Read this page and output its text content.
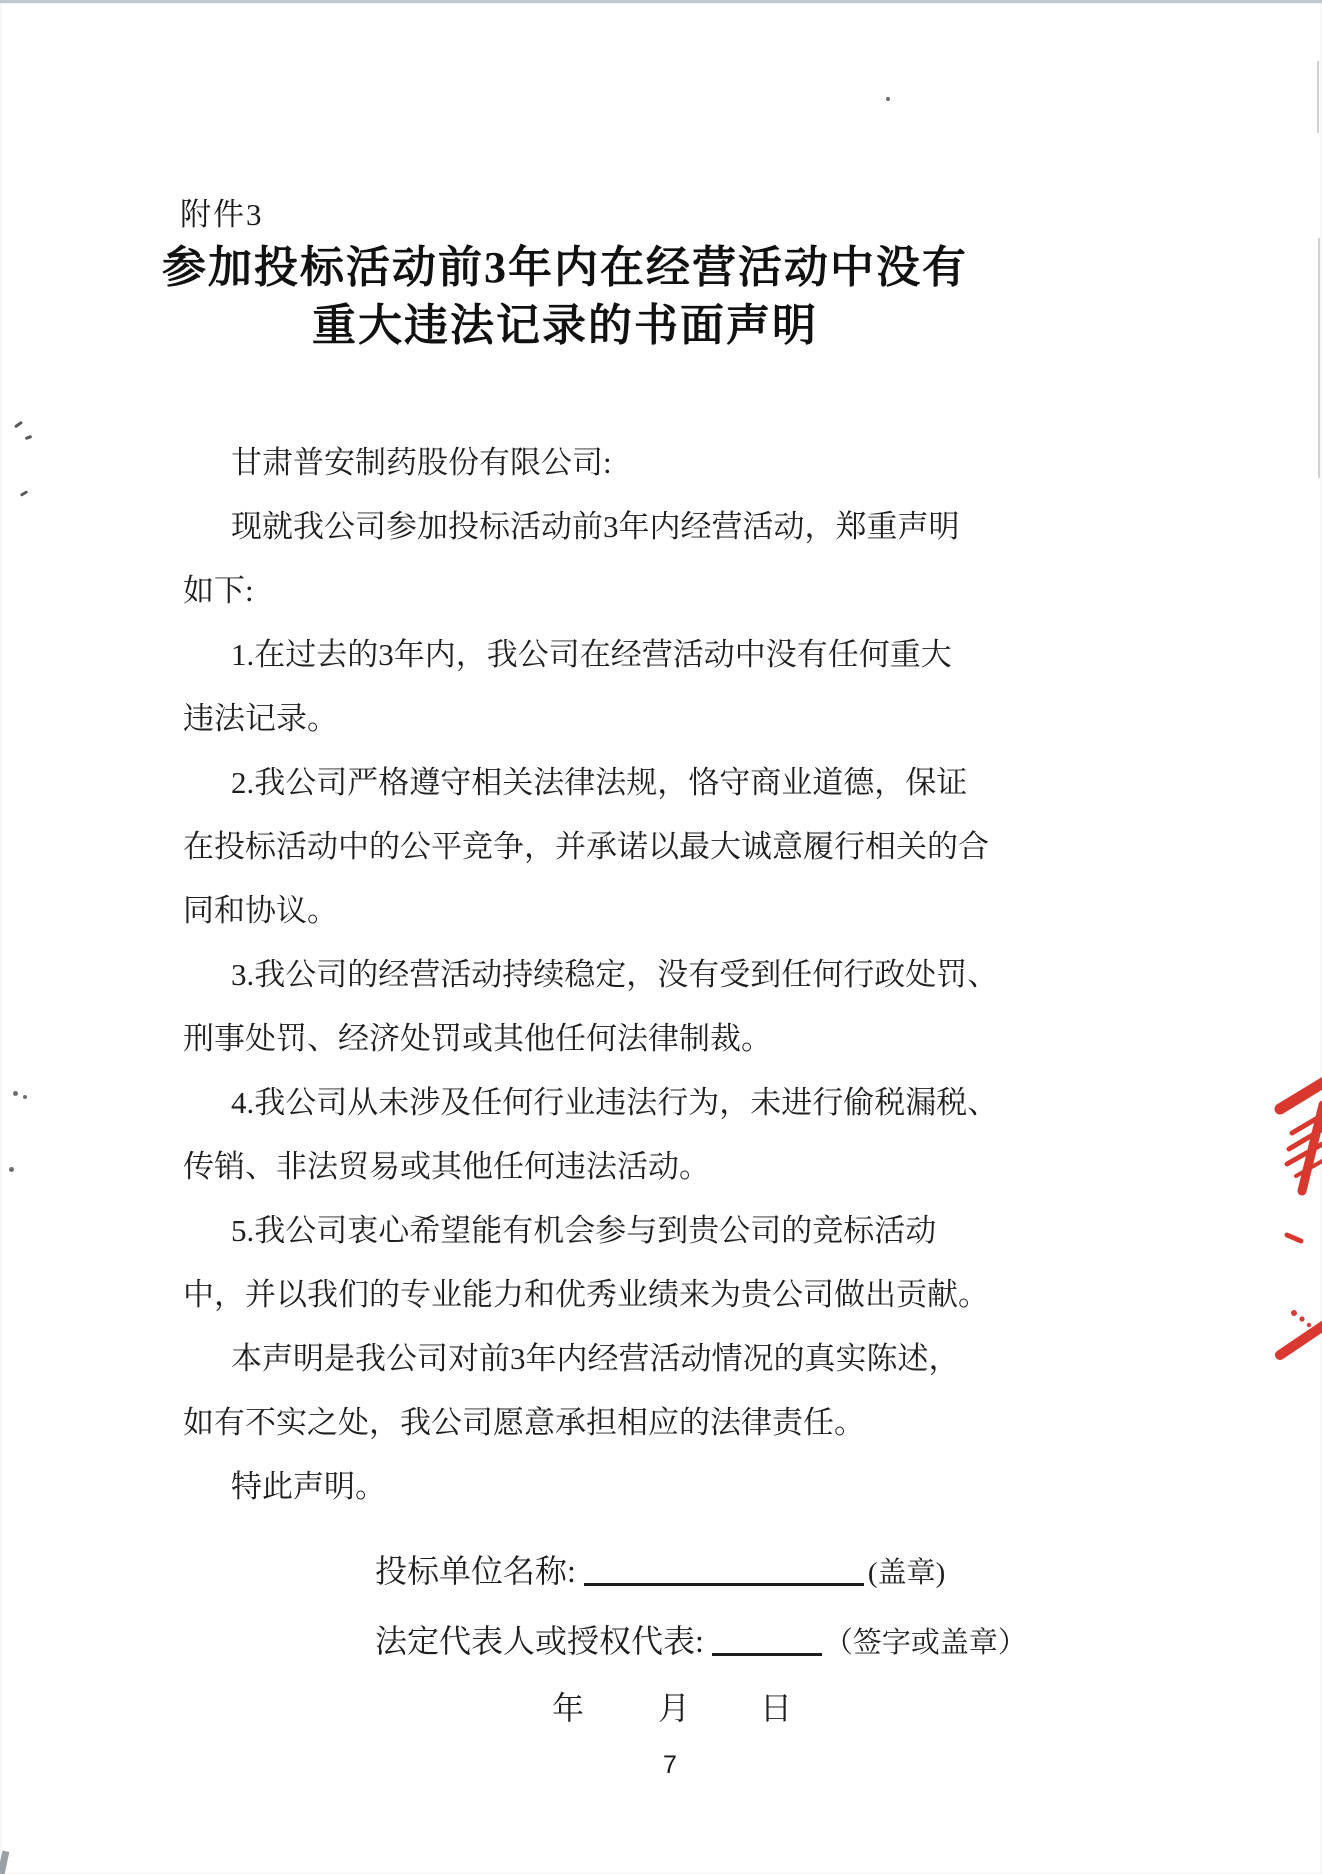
附件3
参加投标活动前3年内在经营活动中没有
重大违法记录的书面声明
甘肃普安制药股份有限公司:
现就我公司参加投标活动前3年内经营活动，郑重声明
如下:
1.在过去的3年内，我公司在经营活动中没有任何重大
违法记录。
2.我公司严格遵守相关法律法规，恪守商业道德，保证
在投标活动中的公平竞争，并承诺以最大诚意履行相关的合
同和协议。
3.我公司的经营活动持续稳定，没有受到任何行政处罚、
刑事处罚、经济处罚或其他任何法律制裁。
4.我公司从未涉及任何行业违法行为，未进行偷税漏税、
传销、非法贸易或其他任何违法活动。
5.我公司衷心希望能有机会参与到贵公司的竞标活动
中，并以我们的专业能力和优秀业绩来为贵公司做出贡献。
本声明是我公司对前3年内经营活动情况的真实陈述，
如有不实之处，我公司愿意承担相应的法律责任。
特此声明。
投标单位名称:	(盖章)
法定代表人或授权代表:	（签字或盖章）
年 月 日
7
